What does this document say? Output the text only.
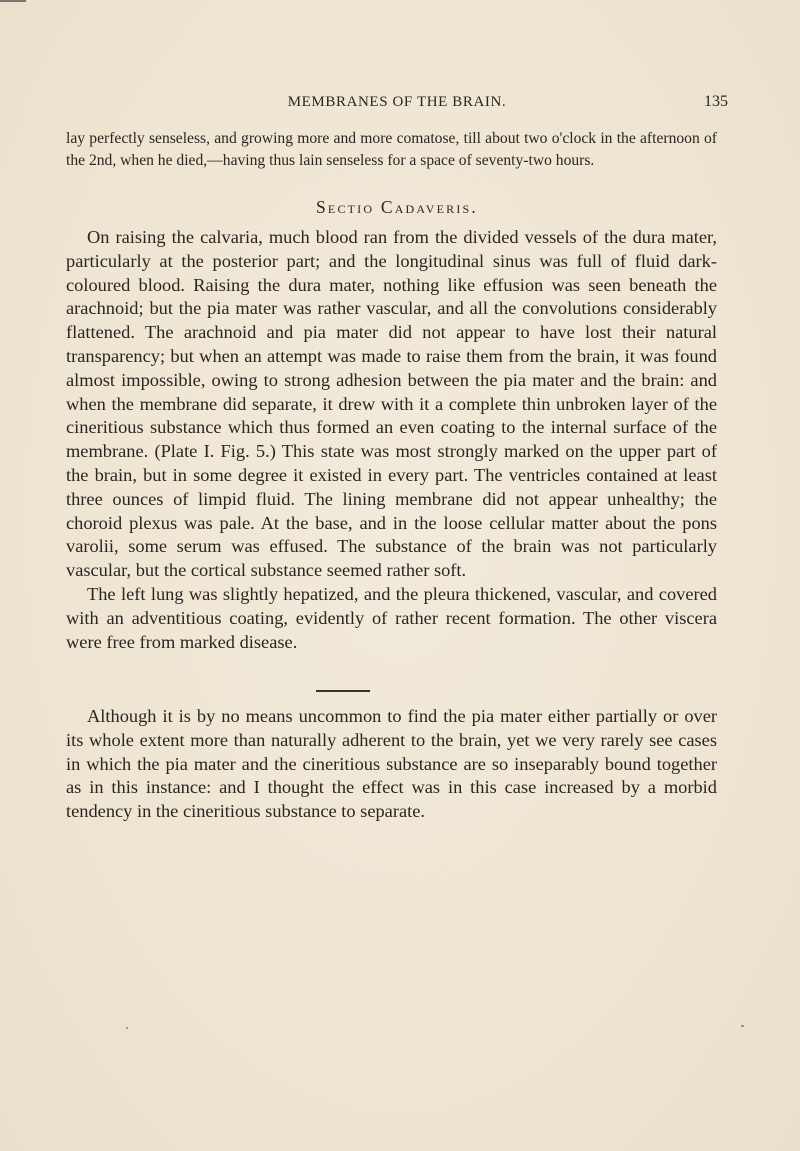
MEMBRANES OF THE BRAIN.	135

lay perfectly senseless, and growing more and more comatose, till about two o'clock in the afternoon of the 2nd, when he died,—having thus lain senseless for a space of seventy-two hours.

Sectio Cadaveris.

On raising the calvaria, much blood ran from the divided vessels of the dura mater, particularly at the posterior part; and the longitudinal sinus was full of fluid dark-coloured blood. Raising the dura mater, nothing like effusion was seen beneath the arachnoid; but the pia mater was rather vascular, and all the convolutions considerably flattened. The arachnoid and pia mater did not appear to have lost their natural transparency; but when an attempt was made to raise them from the brain, it was found almost impossible, owing to strong adhesion between the pia mater and the brain: and when the membrane did separate, it drew with it a complete thin unbroken layer of the cineritious substance which thus formed an even coating to the internal surface of the membrane. (Plate I. Fig. 5.) This state was most strongly marked on the upper part of the brain, but in some degree it existed in every part. The ventricles contained at least three ounces of limpid fluid. The lining membrane did not appear unhealthy; the choroid plexus was pale. At the base, and in the loose cellular matter about the pons varolii, some serum was effused. The substance of the brain was not particularly vascular, but the cortical substance seemed rather soft.

The left lung was slightly hepatized, and the pleura thickened, vascular, and covered with an adventitious coating, evidently of rather recent formation. The other viscera were free from marked disease.

Although it is by no means uncommon to find the pia mater either partially or over its whole extent more than naturally adherent to the brain, yet we very rarely see cases in which the pia mater and the cineritious substance are so inseparably bound together as in this instance: and I thought the effect was in this case increased by a morbid tendency in the cineritious substance to separate.
